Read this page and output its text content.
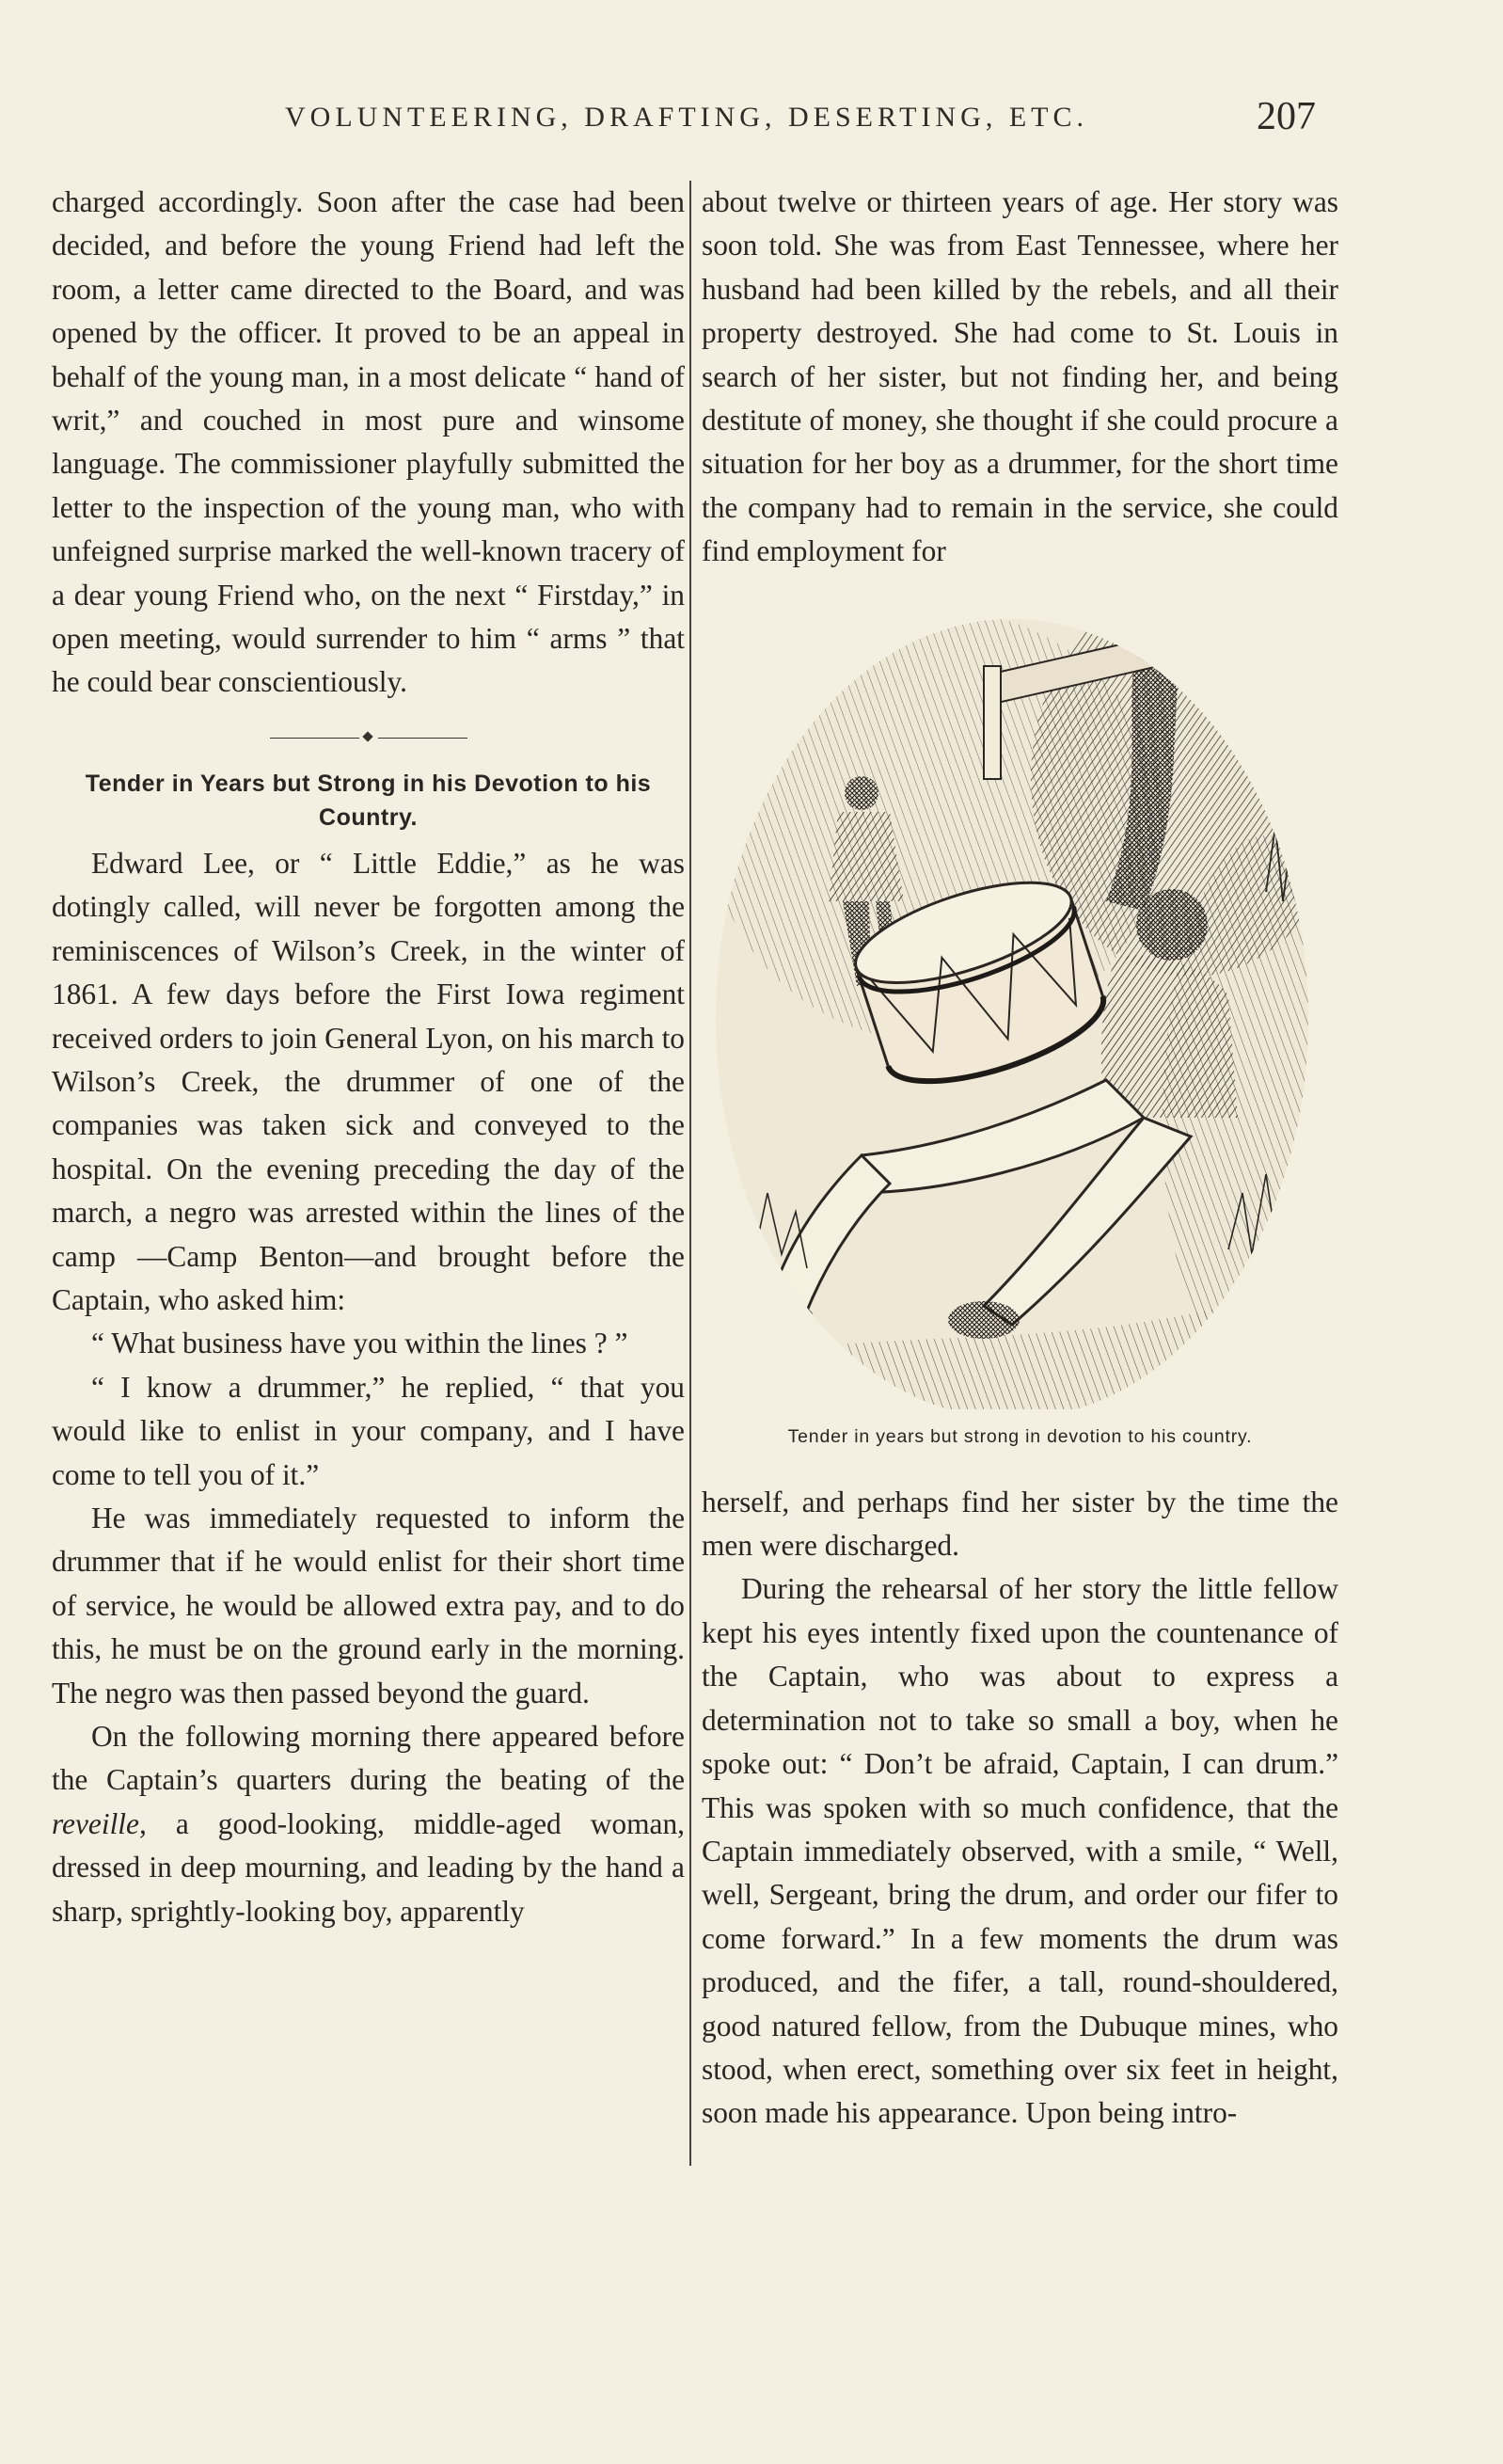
VOLUNTEERING, DRAFTING, DESERTING, ETC.	207

charged accordingly. Soon after the case had been decided, and before the young Friend had left the room, a letter came directed to the Board, and was opened by the officer. It proved to be an appeal in behalf of the young man, in a most delicate “ hand of writ,” and couched in most pure and winsome language. The commissioner playfully submitted the letter to the inspection of the young man, who with unfeigned surprise marked the well-known tracery of a dear young Friend who, on the next “ Firstday,” in open meeting, would surrender to him “ arms ” that he could bear conscientiously.

Tender in Years but Strong in his Devotion to his Country.

Edward Lee, or “ Little Eddie,” as he was dotingly called, will never be forgotten among the reminiscences of Wilson’s Creek, in the winter of 1861. A few days before the First Iowa regiment received orders to join General Lyon, on his march to Wilson’s Creek, the drummer of one of the companies was taken sick and conveyed to the hospital. On the evening preceding the day of the march, a negro was arrested within the lines of the camp —Camp Benton—and brought before the Captain, who asked him:

“ What business have you within the lines ? ”

“ I know a drummer,” he replied, “ that you would like to enlist in your company, and I have come to tell you of it.”

He was immediately requested to inform the drummer that if he would enlist for their short time of service, he would be allowed extra pay, and to do this, he must be on the ground early in the morning. The negro was then passed beyond the guard.

On the following morning there appeared before the Captain’s quarters during the beating of the reveille, a good-looking, middle-aged woman, dressed in deep mourning, and leading by the hand a sharp, sprightly-looking boy, apparently

about twelve or thirteen years of age. Her story was soon told. She was from East Tennessee, where her husband had been killed by the rebels, and all their property destroyed. She had come to St. Louis in search of her sister, but not finding her, and being destitute of money, she thought if she could procure a situation for her boy as a drummer, for the short time the company had to remain in the service, she could find employment for

Tender in years but strong in devotion to his country.

herself, and perhaps find her sister by the time the men were discharged.

During the rehearsal of her story the little fellow kept his eyes intently fixed upon the countenance of the Captain, who was about to express a determination not to take so small a boy, when he spoke out: “ Don’t be afraid, Captain, I can drum.” This was spoken with so much confidence, that the Captain immediately observed, with a smile, “ Well, well, Sergeant, bring the drum, and order our fifer to come forward.” In a few moments the drum was produced, and the fifer, a tall, round-shouldered, good natured fellow, from the Dubuque mines, who stood, when erect, something over six feet in height, soon made his appearance. Upon being intro-
